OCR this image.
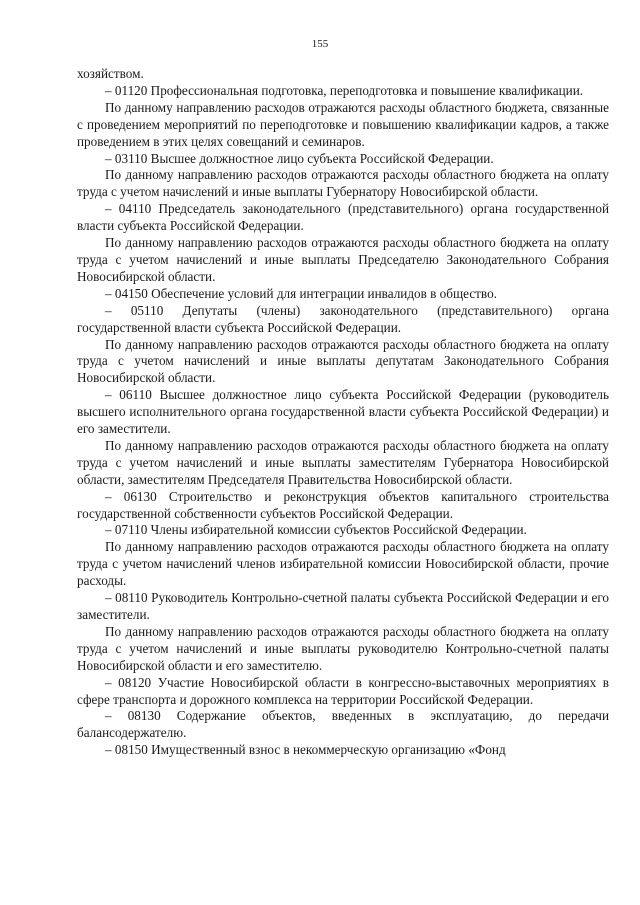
155

хозяйством.

– 01120 Профессиональная подготовка, переподготовка и повышение квалификации.

По данному направлению расходов отражаются расходы областного бюджета, связанные с проведением мероприятий по переподготовке и повышению квалификации кадров, а также проведением в этих целях совещаний и семинаров.

– 03110 Высшее должностное лицо субъекта Российской Федерации.

По данному направлению расходов отражаются расходы областного бюджета на оплату труда с учетом начислений и иные выплаты Губернатору Новосибирской области.

– 04110 Председатель законодательного (представительного) органа государственной власти субъекта Российской Федерации.

По данному направлению расходов отражаются расходы областного бюджета на оплату труда с учетом начислений и иные выплаты Председателю Законодательного Собрания Новосибирской области.

– 04150 Обеспечение условий для интеграции инвалидов в общество.

– 05110 Депутаты (члены) законодательного (представительного) органа государственной власти субъекта Российской Федерации.

По данному направлению расходов отражаются расходы областного бюджета на оплату труда с учетом начислений и иные выплаты депутатам Законодательного Собрания Новосибирской области.

– 06110 Высшее должностное лицо субъекта Российской Федерации (руководитель высшего исполнительного органа государственной власти субъекта Российской Федерации) и его заместители.

По данному направлению расходов отражаются расходы областного бюджета на оплату труда с учетом начислений и иные выплаты заместителям Губернатора Новосибирской области, заместителям Председателя Правительства Новосибирской области.

– 06130 Строительство и реконструкция объектов капитального строительства государственной собственности субъектов Российской Федерации.

– 07110 Члены избирательной комиссии субъектов Российской Федерации.

По данному направлению расходов отражаются расходы областного бюджета на оплату труда с учетом начислений членов избирательной комиссии Новосибирской области, прочие расходы.

– 08110 Руководитель Контрольно-счетной палаты субъекта Российской Федерации и его заместители.

По данному направлению расходов отражаются расходы областного бюджета на оплату труда с учетом начислений и иные выплаты руководителю Контрольно-счетной палаты Новосибирской области и его заместителю.

– 08120 Участие Новосибирской области в конгрессно-выставочных мероприятиях в сфере транспорта и дорожного комплекса на территории Российской Федерации.

– 08130 Содержание объектов, введенных в эксплуатацию, до передачи балансодержателю.

– 08150 Имущественный взнос в некоммерческую организацию «Фонд
